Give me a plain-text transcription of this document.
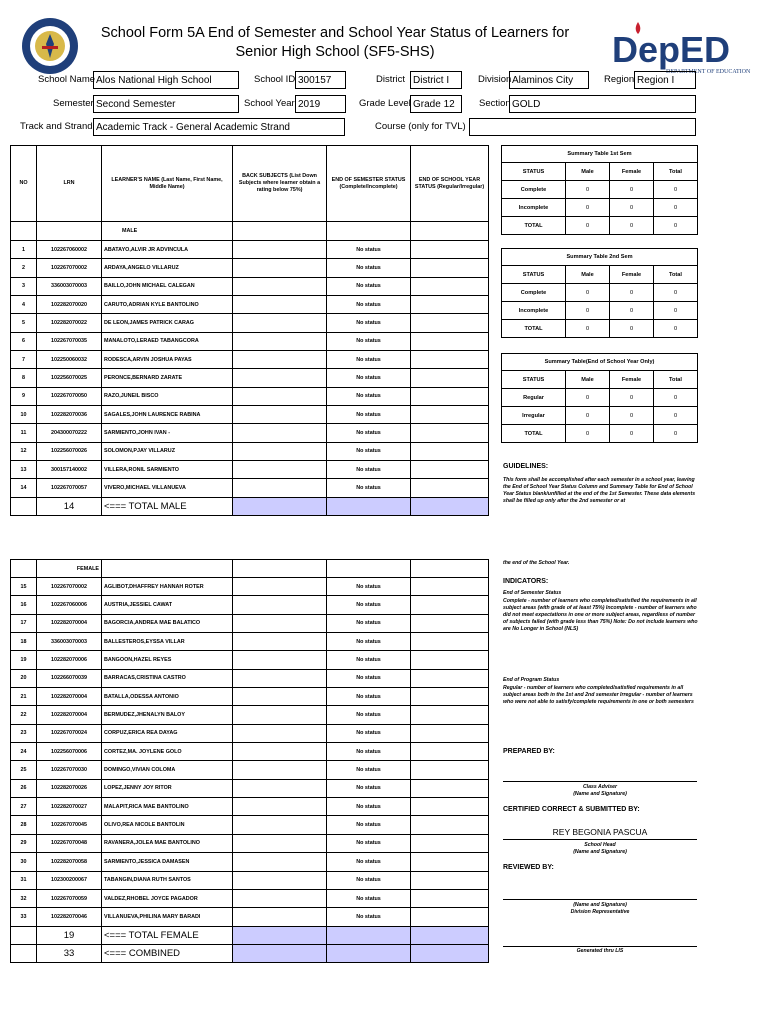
School Form 5A End of Semester and School Year Status of Learners for
Senior High School (SF5-SHS)	DepED
DEPARTMENT OF EDUCATION
School Name Alos National High School	School ID 300157	District District I	Division Alaminos City	Region Region I
Semester Second Semester	School Year 2019	Grade Level Grade 12	Section GOLD
Track and Strand Academic Track - General Academic Strand	Course (only for TVL)
NO	LRN	LEARNER'S NAME (Last Name, First Name, Middle Name)	BACK SUBJECTS (List Down Subjects where learner obtain a rating below 75%)	END OF SEMESTER STATUS (Complete/Incomplete)	END OF SCHOOL YEAR STATUS (Regular/Irregular)
		MALE			
1	102267060002	ABATAYO,ALVIR JR ADVINCULA		No status	
2	102267070002	ARDAYA,ANGELO VILLARUZ		No status	
3	336003070003	BAILLO,JOHN MICHAEL CALEGAN		No status	
4	102282070020	CARUTO,ADRIAN KYLE BANTOLINO		No status	
5	102282070022	DE LEON,JAMES PATRICK CARAG		No status	
6	102267070035	MANALOTO,LERAED TABANGCORA		No status	
7	102250060032	RODESCA,ARVIN JOSHUA PAYAS		No status	
8	102256070025	PERONCE,BERNARD ZARATE		No status	
9	102267070050	RAZO,JUNEIL BISCO		No status	
10	102282070036	SAGALES,JOHN LAURENCE RABINA		No status	
11	204300070222	SARMIENTO,JOHN IVAN -		No status	
12	102256070026	SOLOMON,PJAY VILLARUZ		No status	
13	300157140002	VILLERA,RONIL SARMIENTO		No status	
14	102267070057	VIVERO,MICHAEL VILLANUEVA		No status	
	14	<=== TOTAL MALE			
	FEMALE				
15	102267070002	AGLIBOT,DHAFFREY HANNAH ROTER		No status	
16	102267060006	AUSTRIA,JESSIEL CAWAT		No status	
17	102282070004	BAGORCIA,ANDREA MAE BALATICO		No status	
18	336003070003	BALLESTEROS,EYSSA VILLAR		No status	
19	102282070006	BANGOON,HAZEL REYES		No status	
20	102266070039	BARRACAS,CRISTINA CASTRO		No status	
21	102282070004	BATALLA,ODESSA ANTONIO		No status	
22	102282070004	BERMUDEZ,JHENALYN BALOY		No status	
23	102267070024	CORPUZ,ERICA REA DAYAG		No status	
24	102256070006	CORTEZ,MA. JOYLENE GOLO		No status	
25	102267070030	DOMINGO,VIVIAN COLOMA		No status	
26	102282070026	LOPEZ,JENNY JOY RITOR		No status	
27	102282070027	MALAPIT,RICA MAE BANTOLINO		No status	
28	102267070045	OLIVO,REA NICOLE BANTOLIN		No status	
29	102267070048	RAVANERA,JOLEA MAE BANTOLINO		No status	
30	102282070058	SARMIENTO,JESSICA DAMASEN		No status	
31	102300200067	TABANGIN,DIANA RUTH SANTOS		No status	
32	102267070059	VALDEZ,RHOBEL JOYCE PAGADOR		No status	
33	102282070046	VILLANUEVA,PHILINA MARY BARADI		No status	
	19	<=== TOTAL FEMALE			
	33	<=== COMBINED			
Summary Table 1st Sem			
STATUS	Male	Female	Total
Complete	0	0	0
Incomplete	0	0	0
TOTAL	0	0	0
Summary Table 2nd Sem			
STATUS	Male	Female	Total
Complete	0	0	0
Incomplete	0	0	0
TOTAL	0	0	0
Summary Table(End of School Year Only)			
STATUS	Male	Female	Total
Regular	0	0	0
Irregular	0	0	0
TOTAL	0	0	0
GUIDELINES:
This form shall be accomplished after each semester in a school year, leaving the End of School Year Status Column and Summary Table for End of School Year Status blank/unfilled at the end of the 1st Semester. These data elements shall be filled up only after the 2nd semester or at
the end of the School Year.
INDICATORS:
End of Semester Status
Complete - number of learners who completed/satisfied the requirements in all subject areas (with grade of at least 75%) Incomplete - number of learners who did not meet expectations in one or more subject areas, regardless of number of subjects failed (with grade less than 75%) Note: Do not include learners who are No Longer in School (NLS)
End of Program Status
Regular - number of learners who completed/satisfied requirements in all subject areas both in the 1st and 2nd semester Irregular - number of learners who were not able to satisfy/complete requirements in one or both semesters
PREPARED BY:
Class Adviser
(Name and Signature)
CERTIFIED CORRECT & SUBMITTED BY:
REY BEGONIA PASCUA
School Head
(Name and Signature)
REVIEWED BY:
(Name and Signature)
Division Representative
Generated thru LIS
